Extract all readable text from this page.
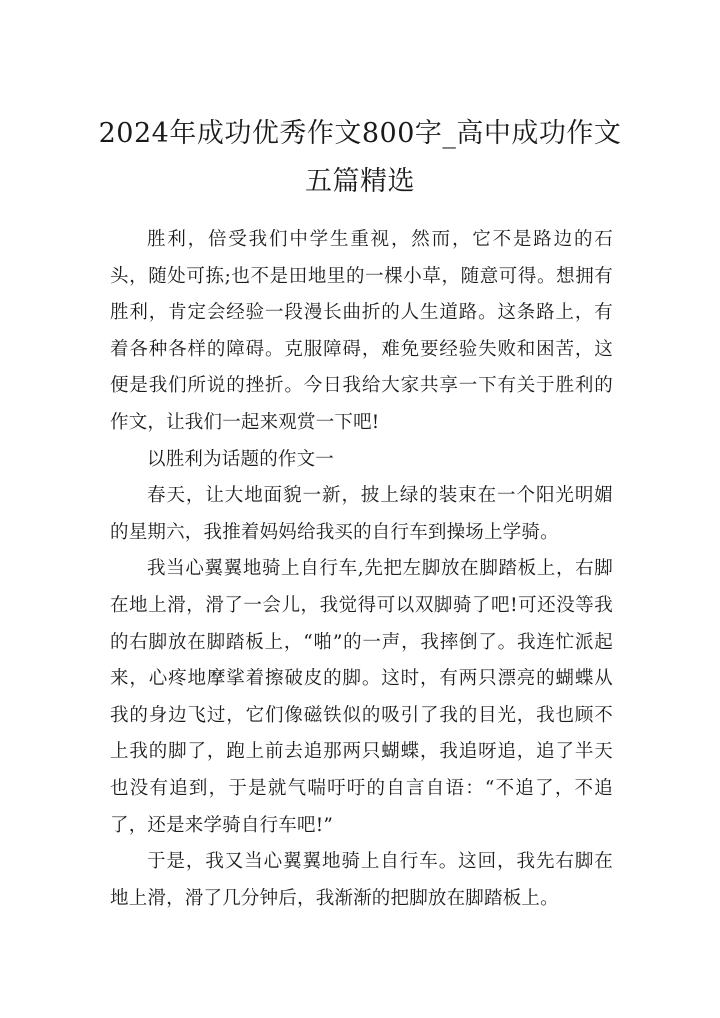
2024年成功优秀作文800字_高中成功作文
五篇精选

胜利，倍受我们中学生重视，然而，它不是路边的石头，随处可拣;也不是田地里的一棵小草，随意可得。想拥有胜利，肯定会经验一段漫长曲折的人生道路。这条路上，有着各种各样的障碍。克服障碍，难免要经验失败和困苦，这便是我们所说的挫折。今日我给大家共享一下有关于胜利的作文，让我们一起来观赏一下吧!

以胜利为话题的作文一

春天，让大地面貌一新，披上绿的装束在一个阳光明媚的星期六，我推着妈妈给我买的自行车到操场上学骑。

我当心翼翼地骑上自行车,先把左脚放在脚踏板上，右脚在地上滑，滑了一会儿，我觉得可以双脚骑了吧!可还没等我的右脚放在脚踏板上，“啪”的一声，我摔倒了。我连忙派起来，心疼地摩挲着擦破皮的脚。这时，有两只漂亮的蝴蝶从我的身边飞过，它们像磁铁似的吸引了我的目光，我也顾不上我的脚了，跑上前去追那两只蝴蝶，我追呀追，追了半天也没有追到，于是就气喘吁吁的自言自语：“不追了，不追了，还是来学骑自行车吧!”

于是，我又当心翼翼地骑上自行车。这回，我先右脚在地上滑，滑了几分钟后，我渐渐的把脚放在脚踏板上。
